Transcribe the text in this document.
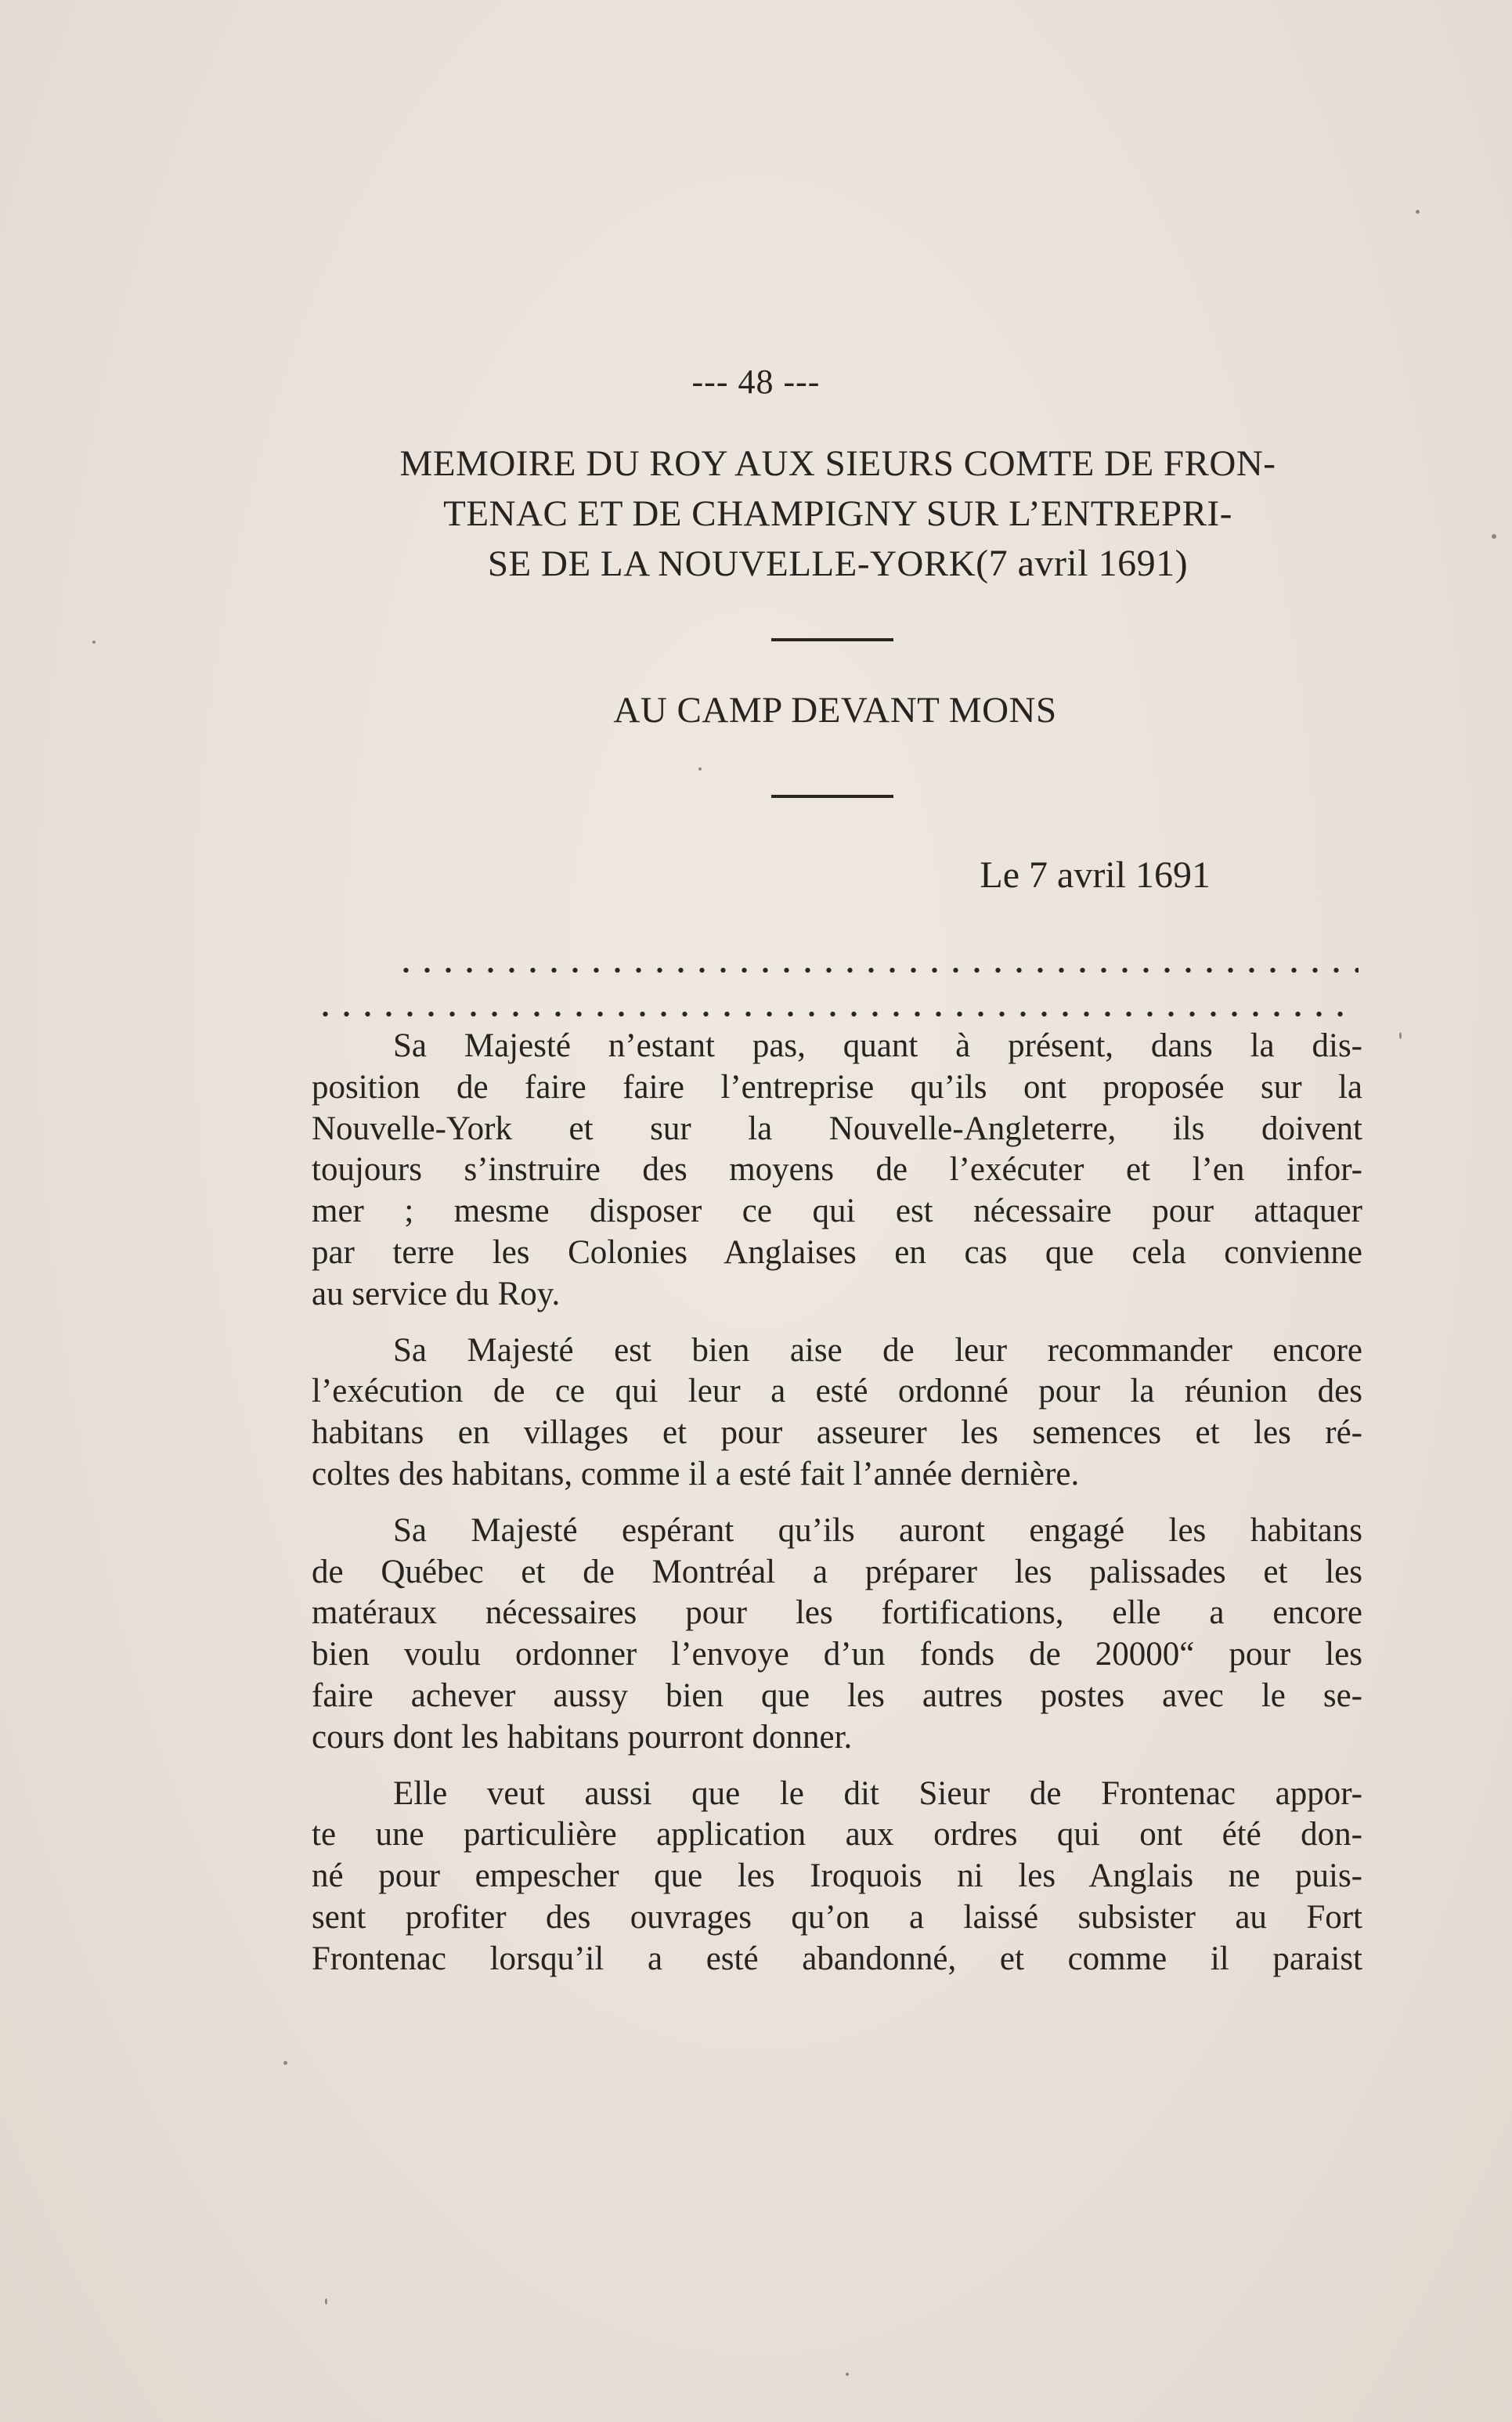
--- 48 ---
MEMOIRE DU ROY AUX SIEURS COMTE DE FRON-
TENAC ET DE CHAMPIGNY SUR L’ENTREPRI-
SE DE LA NOUVELLE-YORK(7 avril 1691)
AU CAMP DEVANT MONS
Le 7 avril 1691
Sa Majesté n’estant pas, quant à présent, dans la dis-
position de faire faire l’entreprise qu’ils ont proposée sur la
Nouvelle-York et sur la Nouvelle-Angleterre, ils doivent
toujours s’instruire des moyens de l’exécuter et l’en infor-
mer ; mesme disposer ce qui est nécessaire pour attaquer
par terre les Colonies Anglaises en cas que cela convienne
au service du Roy.
Sa Majesté est bien aise de leur recommander encore
l’exécution de ce qui leur a esté ordonné pour la réunion des
habitans en villages et pour asseurer les semences et les ré-
coltes des habitans, comme il a esté fait l’année dernière.
Sa Majesté espérant qu’ils auront engagé les habitans
de Québec et de Montréal a préparer les palissades et les
matéraux nécessaires pour les fortifications, elle a encore
bien voulu ordonner l’envoye d’un fonds de 20000“ pour les
faire achever aussy bien que les autres postes avec le se-
cours dont les habitans pourront donner.
Elle veut aussi que le dit Sieur de Frontenac appor-
te une particulière application aux ordres qui ont été don-
né pour empescher que les Iroquois ni les Anglais ne puis-
sent profiter des ouvrages qu’on a laissé subsister au Fort
Frontenac lorsqu’il a esté abandonné, et comme il paraist
